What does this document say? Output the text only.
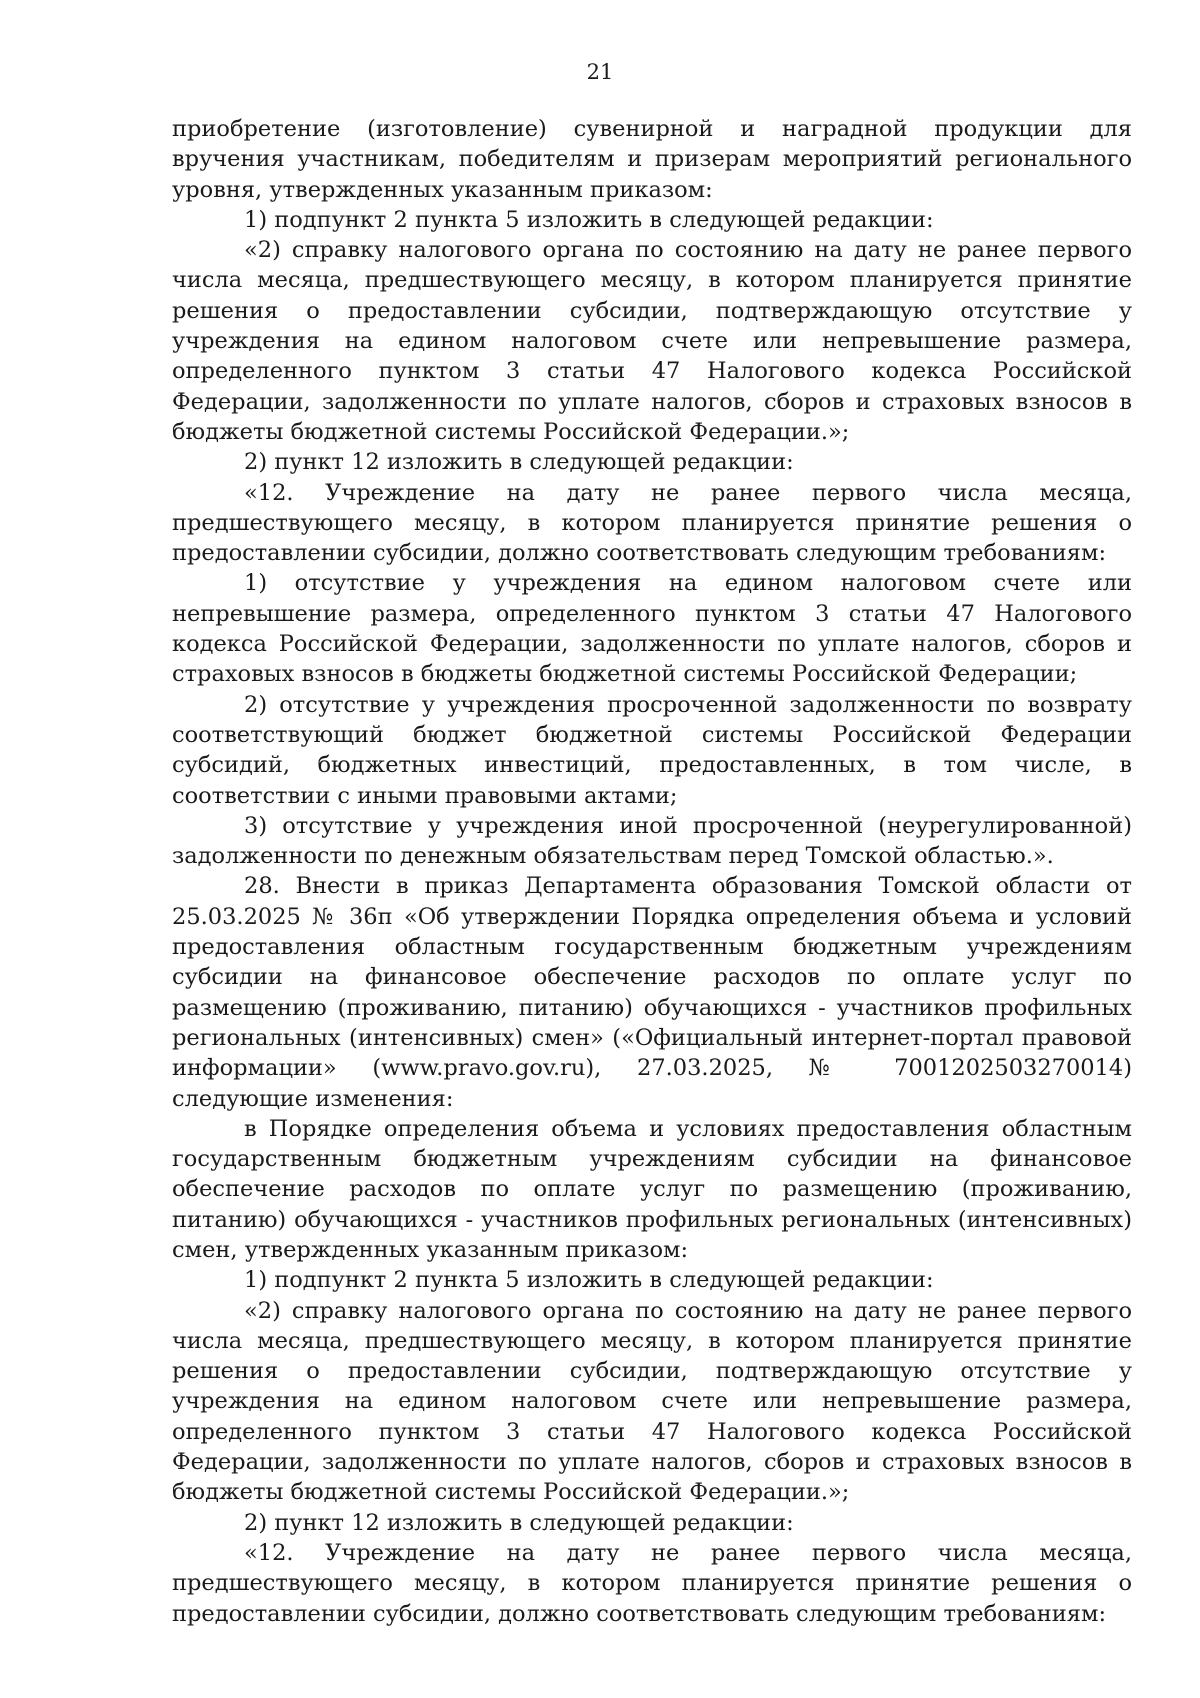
21

приобретение (изготовление) сувенирной и наградной продукции для вручения участникам, победителям и призерам мероприятий регионального уровня, утвержденных указанным приказом:

1) подпункт 2 пункта 5 изложить в следующей редакции:

«2) справку налогового органа по состоянию на дату не ранее первого числа месяца, предшествующего месяцу, в котором планируется принятие решения о предоставлении субсидии, подтверждающую отсутствие у учреждения на едином налоговом счете или непревышение размера, определенного пунктом 3 статьи 47 Налогового кодекса Российской Федерации, задолженности по уплате налогов, сборов и страховых взносов в бюджеты бюджетной системы Российской Федерации.»;

2) пункт 12 изложить в следующей редакции:

«12. Учреждение на дату не ранее первого числа месяца, предшествующего месяцу, в котором планируется принятие решения о предоставлении субсидии, должно соответствовать следующим требованиям:

1) отсутствие у учреждения на едином налоговом счете или непревышение размера, определенного пунктом 3 статьи 47 Налогового кодекса Российской Федерации, задолженности по уплате налогов, сборов и страховых взносов в бюджеты бюджетной системы Российской Федерации;

2) отсутствие у учреждения просроченной задолженности по возврату соответствующий бюджет бюджетной системы Российской Федерации субсидий, бюджетных инвестиций, предоставленных, в том числе, в соответствии с иными правовыми актами;

3) отсутствие у учреждения иной просроченной (неурегулированной) задолженности по денежным обязательствам перед Томской областью.».

28. Внести в приказ Департамента образования Томской области от 25.03.2025 № 36п «Об утверждении Порядка определения объема и условий предоставления областным государственным бюджетным учреждениям субсидии на финансовое обеспечение расходов по оплате услуг по размещению (проживанию, питанию) обучающихся - участников профильных региональных (интенсивных) смен» («Официальный интернет-портал правовой информации» (www.pravo.gov.ru), 27.03.2025, № 7001202503270014) следующие изменения:

в Порядке определения объема и условиях предоставления областным государственным бюджетным учреждениям субсидии на финансовое обеспечение расходов по оплате услуг по размещению (проживанию, питанию) обучающихся - участников профильных региональных (интенсивных) смен, утвержденных указанным приказом:

1) подпункт 2 пункта 5 изложить в следующей редакции:

«2) справку налогового органа по состоянию на дату не ранее первого числа месяца, предшествующего месяцу, в котором планируется принятие решения о предоставлении субсидии, подтверждающую отсутствие у учреждения на едином налоговом счете или непревышение размера, определенного пунктом 3 статьи 47 Налогового кодекса Российской Федерации, задолженности по уплате налогов, сборов и страховых взносов в бюджеты бюджетной системы Российской Федерации.»;

2) пункт 12 изложить в следующей редакции:

«12. Учреждение на дату не ранее первого числа месяца, предшествующего месяцу, в котором планируется принятие решения о предоставлении субсидии, должно соответствовать следующим требованиям:
